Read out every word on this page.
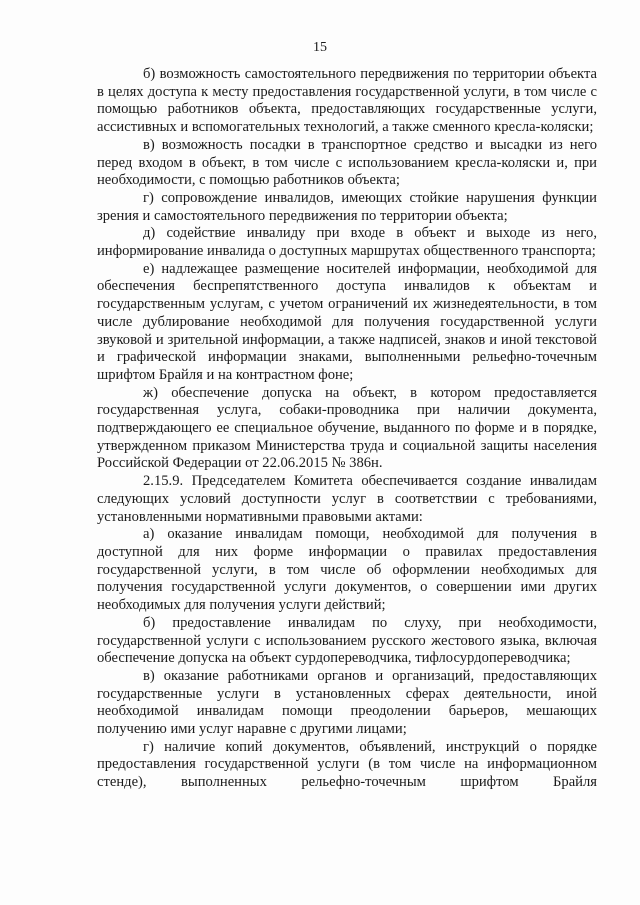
15

б) возможность самостоятельного передвижения по территории объекта в целях доступа к месту предоставления государственной услуги, в том числе с помощью работников объекта, предоставляющих государственные услуги, ассистивных и вспомогательных технологий, а также сменного кресла-коляски;

в) возможность посадки в транспортное средство и высадки из него перед входом в объект, в том числе с использованием кресла-коляски и, при необходимости, с помощью работников объекта;

г) сопровождение инвалидов, имеющих стойкие нарушения функции зрения и самостоятельного передвижения по территории объекта;

д) содействие инвалиду при входе в объект и выходе из него, информирование инвалида о доступных маршрутах общественного транспорта;

е) надлежащее размещение носителей информации, необходимой для обеспечения беспрепятственного доступа инвалидов к объектам и государственным услугам, с учетом ограничений их жизнедеятельности, в том числе дублирование необходимой для получения государственной услуги звуковой и зрительной информации, а также надписей, знаков и иной текстовой и графической информации знаками, выполненными рельефно-точечным шрифтом Брайля и на контрастном фоне;

ж) обеспечение допуска на объект, в котором предоставляется государственная услуга, собаки-проводника при наличии документа, подтверждающего ее специальное обучение, выданного по форме и в порядке, утвержденном приказом Министерства труда и социальной защиты населения Российской Федерации от 22.06.2015 № 386н.

2.15.9. Председателем Комитета обеспечивается создание инвалидам следующих условий доступности услуг в соответствии с требованиями, установленными нормативными правовыми актами:

а) оказание инвалидам помощи, необходимой для получения в доступной для них форме информации о правилах предоставления государственной услуги, в том числе об оформлении необходимых для получения государственной услуги документов, о совершении ими других необходимых для получения услуги действий;

б) предоставление инвалидам по слуху, при необходимости, государственной услуги с использованием русского жестового языка, включая обеспечение допуска на объект сурдопереводчика, тифлосурдопереводчика;

в) оказание работниками органов и организаций, предоставляющих государственные услуги в установленных сферах деятельности, иной необходимой инвалидам помощи преодолении барьеров, мешающих получению ими услуг наравне с другими лицами;

г) наличие копий документов, объявлений, инструкций о порядке предоставления государственной услуги (в том числе на информационном стенде), выполненных рельефно-точечным шрифтом Брайля
